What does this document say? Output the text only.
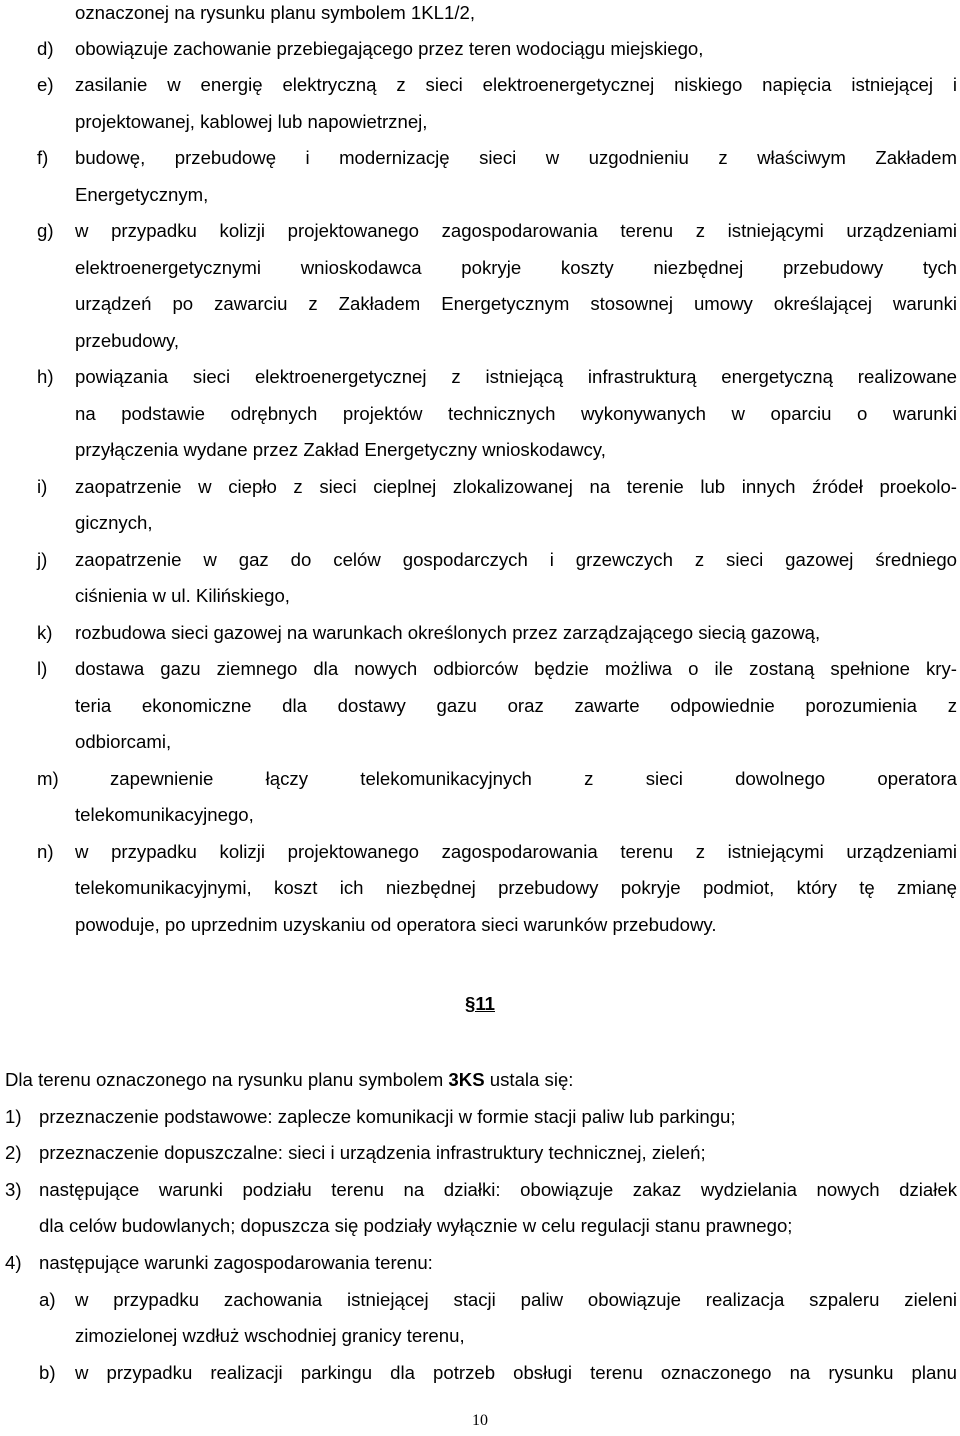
oznaczonej na rysunku planu symbolem 1KL1/2,
d) obowiązuje zachowanie przebiegającego przez teren wodociągu miejskiego,
e) zasilanie w energię elektryczną z sieci elektroenergetycznej niskiego napięcia istniejącej i
projektowanej, kablowej lub napowietrznej,
f) budowę, przebudowę i modernizację sieci w uzgodnieniu z właściwym Zakładem
Energetycznym,
g) w przypadku kolizji projektowanego zagospodarowania terenu z istniejącymi urządzeniami
elektroenergetycznymi wnioskodawca pokryje koszty niezbędnej przebudowy tych
urządzeń po zawarciu z Zakładem Energetycznym stosownej umowy określającej warunki
przebudowy,
h) powiązania sieci elektroenergetycznej z istniejącą infrastrukturą energetyczną realizowane
na podstawie odrębnych projektów technicznych wykonywanych w oparciu o warunki
przyłączenia wydane przez Zakład Energetyczny wnioskodawcy,
i) zaopatrzenie w ciepło z sieci cieplnej zlokalizowanej na terenie lub innych źródeł proekolo-
gicznych,
j) zaopatrzenie w gaz do celów gospodarczych i grzewczych z sieci gazowej średniego
ciśnienia w ul. Kilińskiego,
k) rozbudowa sieci gazowej na warunkach określonych przez zarządzającego siecią gazową,
l) dostawa gazu ziemnego dla nowych odbiorców będzie możliwa o ile zostaną spełnione kry-
teria ekonomiczne dla dostawy gazu oraz zawarte odpowiednie porozumienia z
odbiorcami,
m)	zapewnienie łączy telekomunikacyjnych z sieci dowolnego operatora
telekomunikacyjnego,
n) w przypadku kolizji projektowanego zagospodarowania terenu z istniejącymi urządzeniami
telekomunikacyjnymi, koszt ich niezbędnej przebudowy pokryje podmiot, który tę zmianę
powoduje, po uprzednim uzyskaniu od operatora sieci warunków przebudowy.
§11
Dla terenu oznaczonego na rysunku planu symbolem 3KS ustala się:
1) przeznaczenie podstawowe: zaplecze komunikacji w formie stacji paliw lub parkingu;
2) przeznaczenie dopuszczalne: sieci i urządzenia infrastruktury technicznej, zieleń;
3) następujące warunki podziału terenu na działki: obowiązuje zakaz wydzielania nowych działek
dla celów budowlanych; dopuszcza się podziały wyłącznie w celu regulacji stanu prawnego;
4) następujące warunki zagospodarowania terenu:
a) w przypadku zachowania istniejącej stacji paliw obowiązuje realizacja szpaleru zieleni
zimozielonej wzdłuż wschodniej granicy terenu,
b) w przypadku realizacji parkingu dla potrzeb obsługi terenu oznaczonego na rysunku planu
10
